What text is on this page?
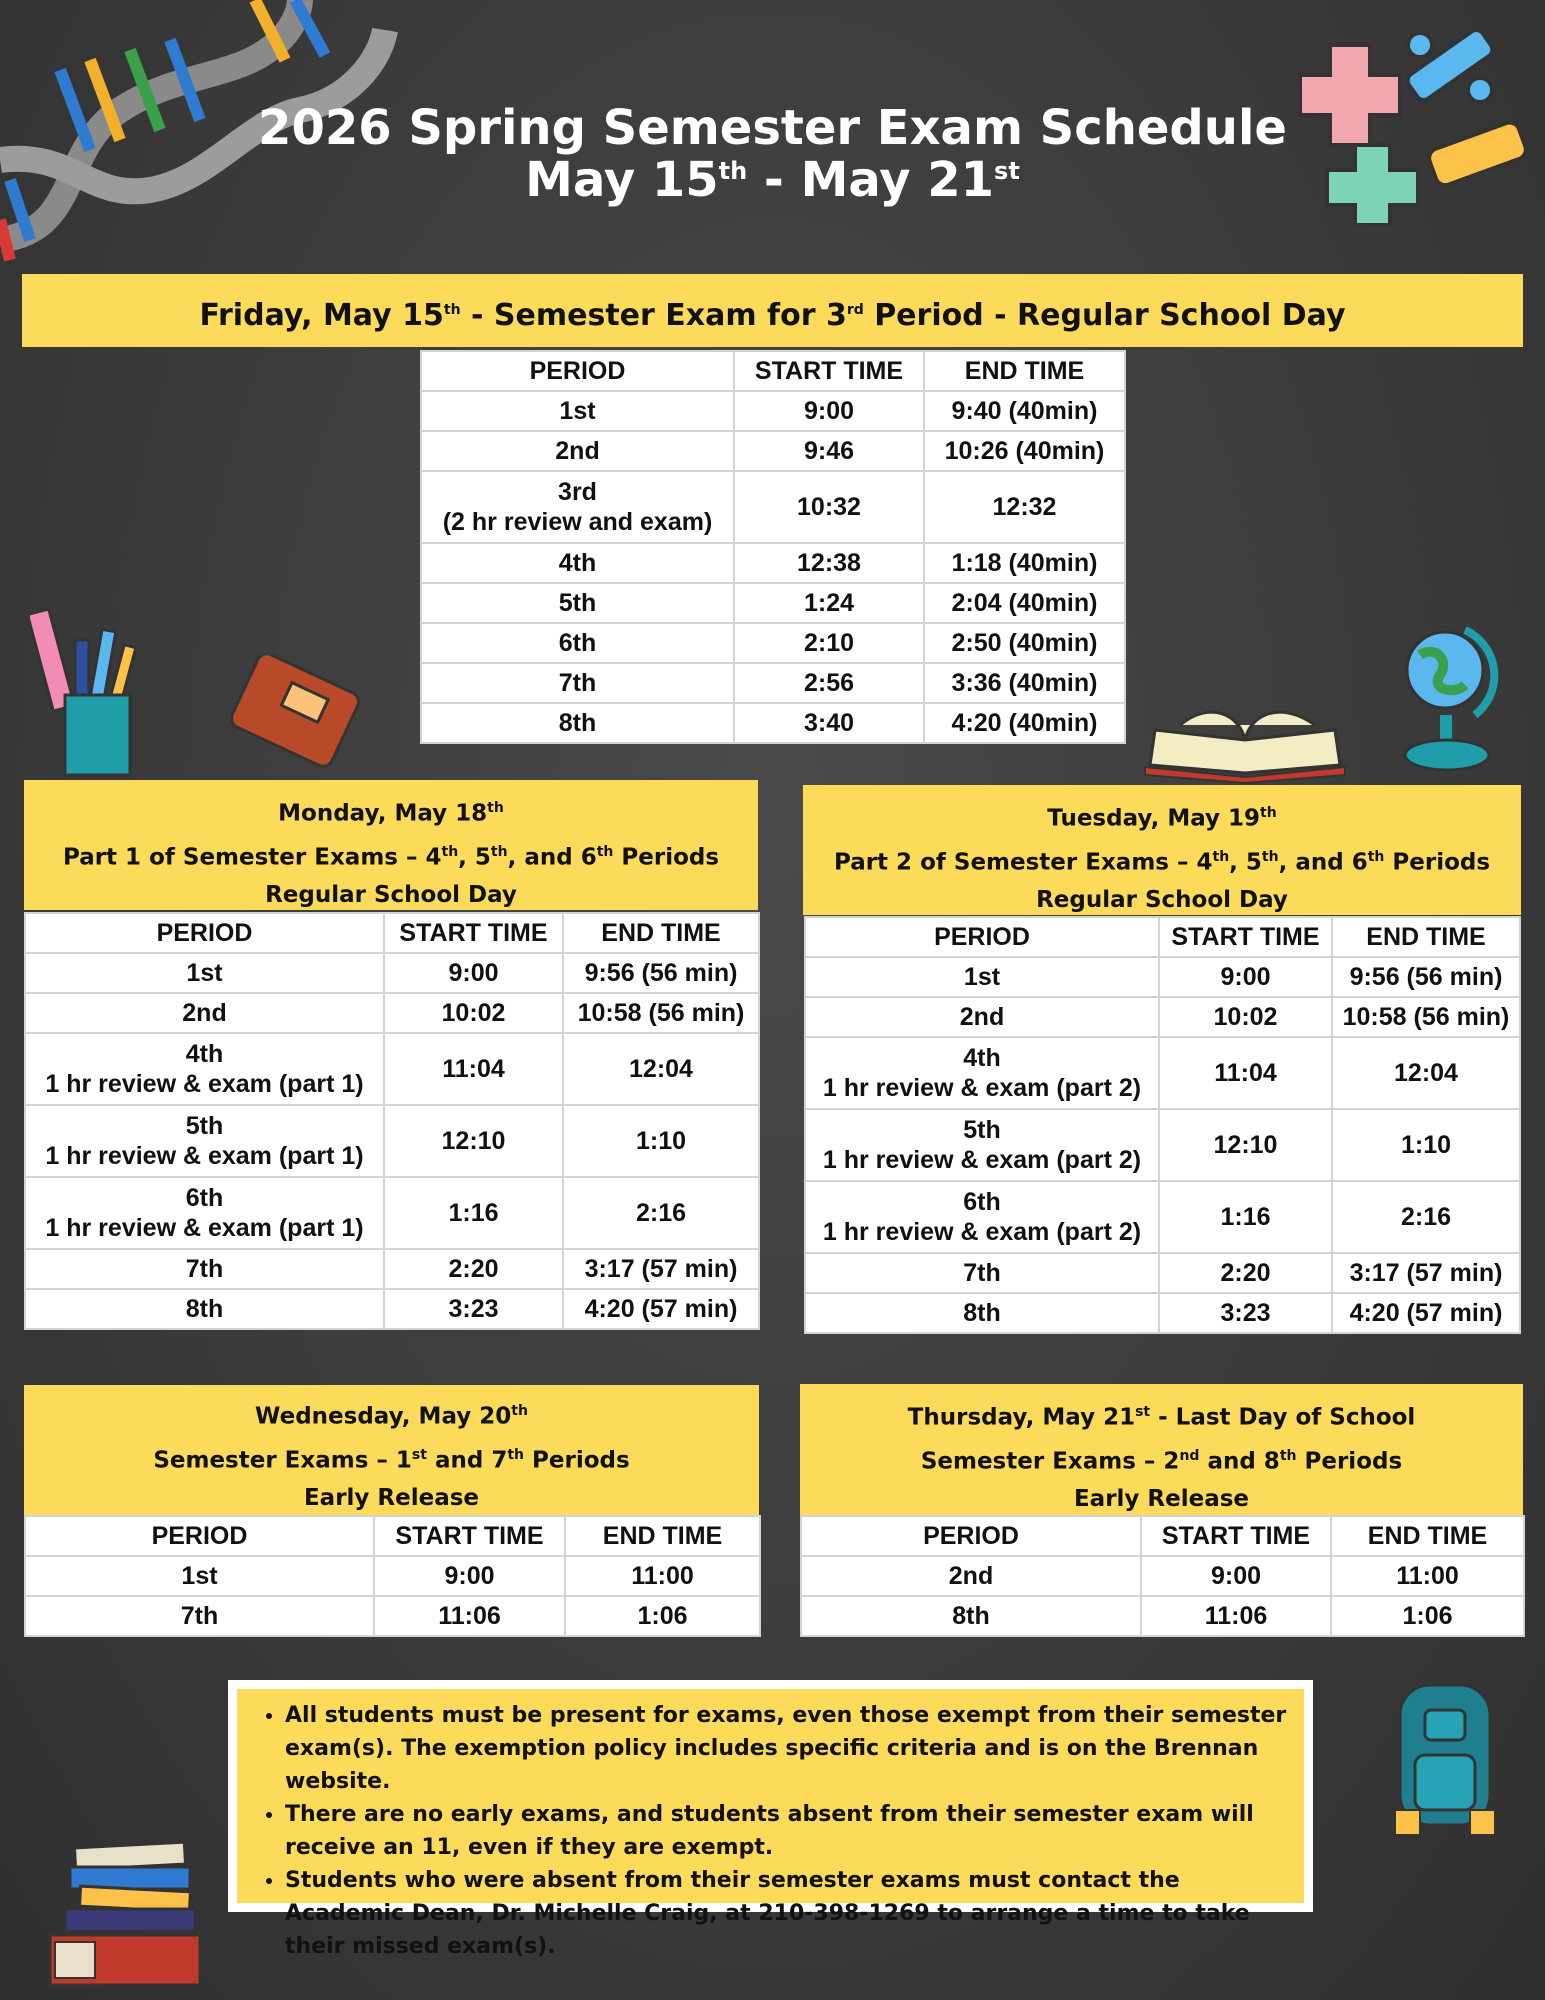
2026 Spring Semester Exam Schedule
May 15th - May 21st
Friday, May 15th - Semester Exam for 3rd Period - Regular School Day
PERIOD	START TIME	END TIME
1st	9:00	9:40 (40min)
2nd	9:46	10:26 (40min)
3rd
(2 hr review and exam)	10:32	12:32
4th	12:38	1:18 (40min)
5th	1:24	2:04 (40min)
6th	2:10	2:50 (40min)
7th	2:56	3:36 (40min)
8th	3:40	4:20 (40min)
Monday, May 18th
Part 1 of Semester Exams – 4th, 5th, and 6th Periods
Regular School Day
PERIOD	START TIME	END TIME
1st	9:00	9:56 (56 min)
2nd	10:02	10:58 (56 min)
4th
1 hr review & exam (part 1)	11:04	12:04
5th
1 hr review & exam (part 1)	12:10	1:10
6th
1 hr review & exam (part 1)	1:16	2:16
7th	2:20	3:17 (57 min)
8th	3:23	4:20 (57 min)
Tuesday, May 19th
Part 2 of Semester Exams – 4th, 5th, and 6th Periods
Regular School Day
PERIOD	START TIME	END TIME
1st	9:00	9:56 (56 min)
2nd	10:02	10:58 (56 min)
4th
1 hr review & exam (part 2)	11:04	12:04
5th
1 hr review & exam (part 2)	12:10	1:10
6th
1 hr review & exam (part 2)	1:16	2:16
7th	2:20	3:17 (57 min)
8th	3:23	4:20 (57 min)
Wednesday, May 20th
Semester Exams – 1st and 7th Periods
Early Release
PERIOD	START TIME	END TIME
1st	9:00	11:00
7th	11:06	1:06
Thursday, May 21st - Last Day of School
Semester Exams – 2nd and 8th Periods
Early Release
PERIOD	START TIME	END TIME
2nd	9:00	11:00
8th	11:06	1:06
• All students must be present for exams, even those exempt from their semester exam(s). The exemption policy includes specific criteria and is on the Brennan website.
• There are no early exams, and students absent from their semester exam will receive an 11, even if they are exempt.
• Students who were absent from their semester exams must contact the Academic Dean, Dr. Michelle Craig, at 210-398-1269 to arrange a time to take their missed exam(s).
